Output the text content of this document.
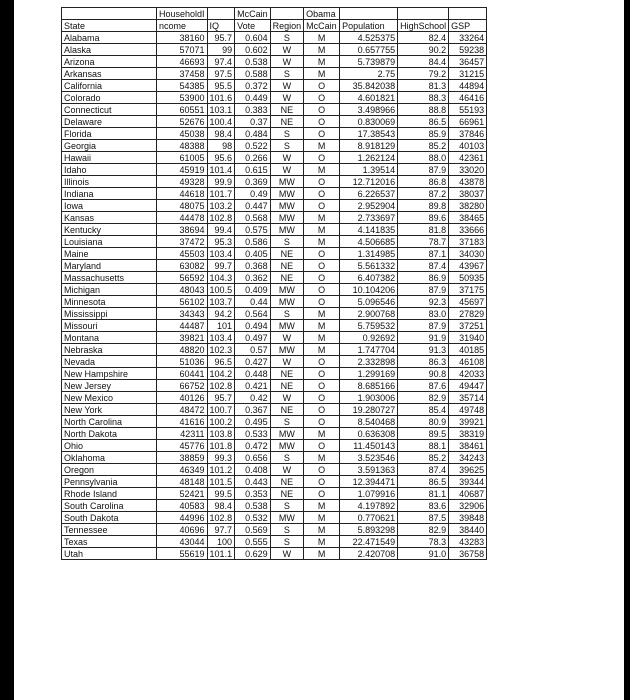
	HouseholdI		McCain		Obama			
State	ncome	IQ	Vote	Region	McCain	Population	HighSchool	GSP
Alabama	38160	95.7	0.604	S	M	4.525375	82.4	33264
Alaska	57071	99	0.602	W	M	0.657755	90.2	59238
Arizona	46693	97.4	0.538	W	M	5.739879	84.4	36457
Arkansas	37458	97.5	0.588	S	M	2.75	79.2	31215
California	54385	95.5	0.372	W	O	35.842038	81.3	44894
Colorado	53900	101.6	0.449	W	O	4.601821	88.3	46416
Connecticut	60551	103.1	0.383	NE	O	3.498966	88.8	55193
Delaware	52676	100.4	0.37	NE	O	0.830069	86.5	66961
Florida	45038	98.4	0.484	S	O	17.38543	85.9	37846
Georgia	48388	98	0.522	S	M	8.918129	85.2	40103
Hawaii	61005	95.6	0.266	W	O	1.262124	88.0	42361
Idaho	45919	101.4	0.615	W	M	1.39514	87.9	33020
Illinois	49328	99.9	0.369	MW	O	12.712016	86.8	43878
Indiana	44618	101.7	0.49	MW	O	6.226537	87.2	38037
Iowa	48075	103.2	0.447	MW	O	2.952904	89.8	38280
Kansas	44478	102.8	0.568	MW	M	2.733697	89.6	38465
Kentucky	38694	99.4	0.575	MW	M	4.141835	81.8	33666
Louisiana	37472	95.3	0.586	S	M	4.506685	78.7	37183
Maine	45503	103.4	0.405	NE	O	1.314985	87.1	34030
Maryland	63082	99.7	0.368	NE	O	5.561332	87.4	43967
Massachusetts	56592	104.3	0.362	NE	O	6.407382	86.9	50935
Michigan	48043	100.5	0.409	MW	O	10.104206	87.9	37175
Minnesota	56102	103.7	0.44	MW	O	5.096546	92.3	45697
Mississippi	34343	94.2	0.564	S	M	2.900768	83.0	27829
Missouri	44487	101	0.494	MW	M	5.759532	87.9	37251
Montana	39821	103.4	0.497	W	M	0.92692	91.9	31940
Nebraska	48820	102.3	0.57	MW	M	1.747704	91.3	40185
Nevada	51036	96.5	0.427	W	O	2.332898	86.3	46108
New Hampshire	60441	104.2	0.448	NE	O	1.299169	90.8	42033
New Jersey	66752	102.8	0.421	NE	O	8.685166	87.6	49447
New Mexico	40126	95.7	0.42	W	O	1.903006	82.9	35714
New York	48472	100.7	0.367	NE	O	19.280727	85.4	49748
North Carolina	41616	100.2	0.495	S	O	8.540468	80.9	39921
North Dakota	42311	103.8	0.533	MW	M	0.636308	89.5	38319
Ohio	45776	101.8	0.472	MW	O	11.450143	88.1	38461
Oklahoma	38859	99.3	0.656	S	M	3.523546	85.2	34243
Oregon	46349	101.2	0.408	W	O	3.591363	87.4	39625
Pennsylvania	48148	101.5	0.443	NE	O	12.394471	86.5	39344
Rhode Island	52421	99.5	0.353	NE	O	1.079916	81.1	40687
South Carolina	40583	98.4	0.538	S	M	4.197892	83.6	32906
South Dakota	44996	102.8	0.532	MW	M	0.770621	87.5	39848
Tennessee	40696	97.7	0.569	S	M	5.893298	82.9	38440
Texas	43044	100	0.555	S	M	22.471549	78.3	43283
Utah	55619	101.1	0.629	W	M	2.420708	91.0	36758
